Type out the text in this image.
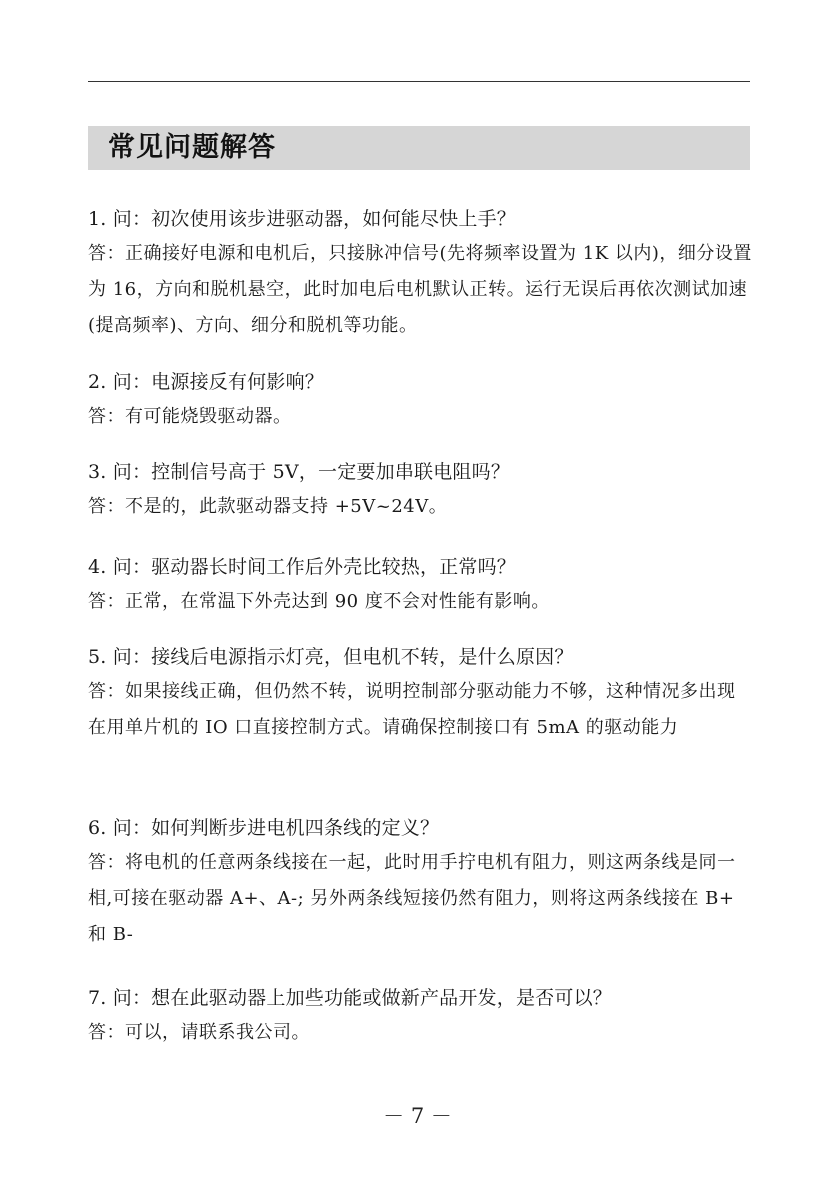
常见问题解答
1. 问：初次使用该步进驱动器，如何能尽快上手？
答：正确接好电源和电机后，只接脉冲信号(先将频率设置为 1K 以内)，细分设置为 16，方向和脱机悬空，此时加电后电机默认正转。运行无误后再依次测试加速(提高频率)、方向、细分和脱机等功能。
2. 问：电源接反有何影响？
答：有可能烧毁驱动器。
3. 问：控制信号高于 5V，一定要加串联电阻吗？
答：不是的，此款驱动器支持 +5V~24V。
4. 问：驱动器长时间工作后外壳比较热，正常吗？
答：正常，在常温下外壳达到 90 度不会对性能有影响。
5. 问：接线后电源指示灯亮，但电机不转，是什么原因？
答：如果接线正确，但仍然不转，说明控制部分驱动能力不够，这种情况多出现在用单片机的 IO 口直接控制方式。请确保控制接口有 5mA 的驱动能力
6. 问：如何判断步进电机四条线的定义？
答：将电机的任意两条线接在一起，此时用手拧电机有阻力，则这两条线是同一相,可接在驱动器 A+、A-; 另外两条线短接仍然有阻力，则将这两条线接在 B+ 和 B-
7. 问：想在此驱动器上加些功能或做新产品开发，是否可以？
答：可以，请联系我公司。
－ 7 －
